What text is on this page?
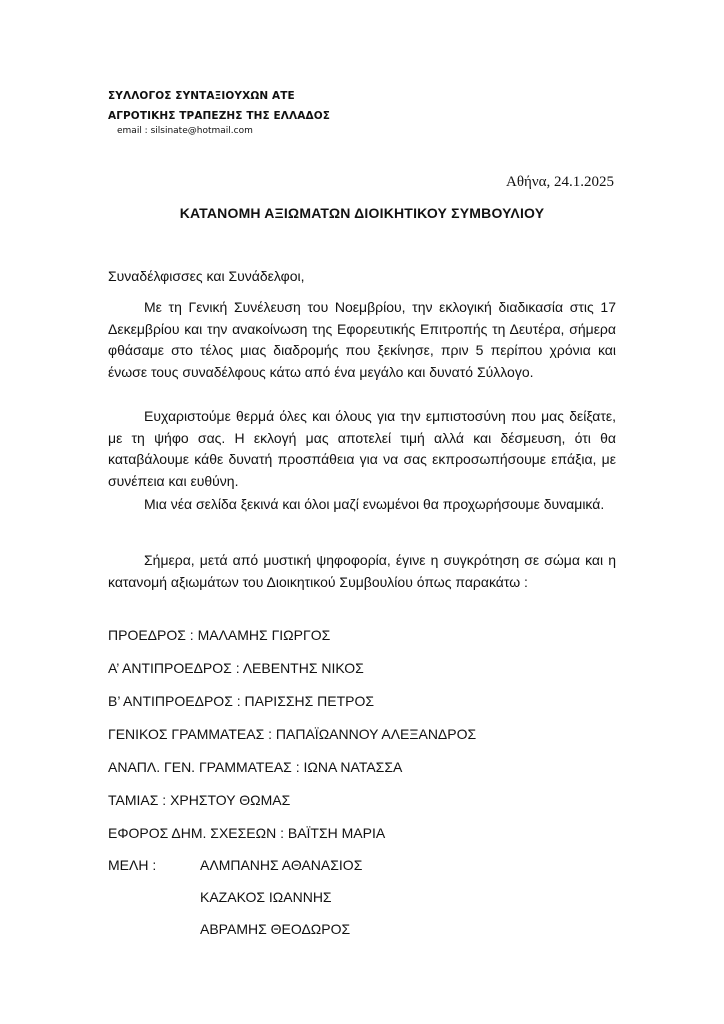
ΣΥΛΛΟΓΟΣ ΣΥΝΤΑΞΙΟΥΧΩΝ ΑΤΕ
ΑΓΡΟΤΙΚΗΣ ΤΡΑΠΕΖΗΣ ΤΗΣ ΕΛΛΑΔΟΣ
email : silsinate@hotmail.com
Αθήνα, 24.1.2025
ΚΑΤΑΝΟΜΗ ΑΞΙΩΜΑΤΩΝ ΔΙΟΙΚΗΤΙΚΟΥ ΣΥΜΒΟΥΛΙΟΥ
Συναδέλφισσες και Συνάδελφοι,

Με τη Γενική Συνέλευση του Νοεμβρίου, την εκλογική διαδικασία στις 17 Δεκεμβρίου και την ανακοίνωση της Εφορευτικής Επιτροπής τη Δευτέρα, σήμερα φθάσαμε στο τέλος μιας διαδρομής που ξεκίνησε, πριν 5 περίπου χρόνια και ένωσε τους συναδέλφους κάτω από ένα μεγάλο και δυνατό Σύλλογο.

Ευχαριστούμε θερμά όλες και όλους για την εμπιστοσύνη που μας δείξατε, με τη ψήφο σας. Η εκλογή μας αποτελεί τιμή αλλά και δέσμευση, ότι θα καταβάλουμε κάθε δυνατή προσπάθεια για να σας εκπροσωπήσουμε επάξια, με συνέπεια και ευθύνη.

Μια νέα σελίδα ξεκινά και όλοι μαζί ενωμένοι θα προχωρήσουμε δυναμικά.

Σήμερα, μετά από μυστική ψηφοφορία, έγινε η συγκρότηση σε σώμα και η κατανομή αξιωμάτων του Διοικητικού Συμβουλίου όπως παρακάτω :

ΠΡΟΕΔΡΟΣ : ΜΑΛΑΜΗΣ ΓΙΩΡΓΟΣ
Α’ ΑΝΤΙΠΡΟΕΔΡΟΣ : ΛΕΒΕΝΤΗΣ ΝΙΚΟΣ
Β’ ΑΝΤΙΠΡΟΕΔΡΟΣ : ΠΑΡΙΣΣΗΣ ΠΕΤΡΟΣ
ΓΕΝΙΚΟΣ ΓΡΑΜΜΑΤΕΑΣ : ΠΑΠΑΪΩΑΝΝΟΥ ΑΛΕΞΑΝΔΡΟΣ
ΑΝΑΠΛ. ΓΕΝ. ΓΡΑΜΜΑΤΕΑΣ : ΙΩΝΑ ΝΑΤΑΣΣΑ
ΤΑΜΙΑΣ : ΧΡΗΣΤΟΥ ΘΩΜΑΣ
ΕΦΟΡΟΣ ΔΗΜ. ΣΧΕΣΕΩΝ : ΒΑΪΤΣΗ ΜΑΡΙΑ
ΜΕΛΗ :	ΑΛΜΠΑΝΗΣ ΑΘΑΝΑΣΙΟΣ
ΚΑΖΑΚΟΣ ΙΩΑΝΝΗΣ
ΑΒΡΑΜΗΣ ΘΕΟΔΩΡΟΣ
